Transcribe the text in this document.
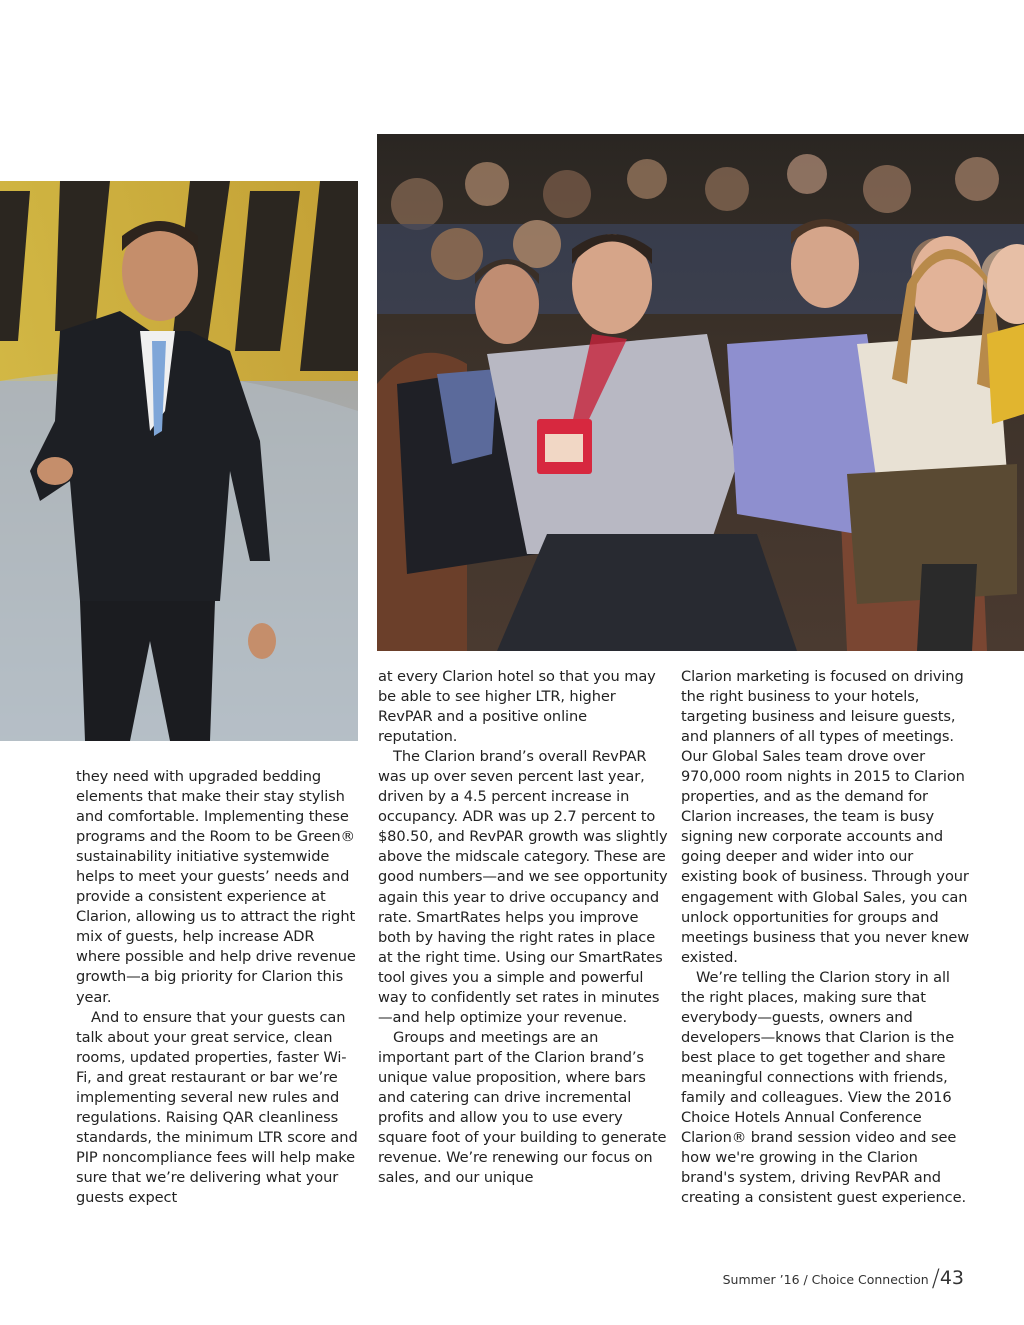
they need with upgraded bedding elements that make their stay stylish and comfortable. Implementing these programs and the Room to be Green® sustainability initiative systemwide helps to meet your guests’ needs and provide a consistent experience at Clarion, allowing us to attract the right mix of guests, help increase ADR where possible and help drive revenue growth—a big priority for Clarion this year.

And to ensure that your guests can talk about your great service, clean rooms, updated properties, faster Wi-Fi, and great restaurant or bar we’re implementing several new rules and regulations. Raising QAR cleanliness standards, the minimum LTR score and PIP noncompliance fees will help make sure that we’re delivering what your guests expect

at every Clarion hotel so that you may be able to see higher LTR, higher RevPAR and a positive online reputation.

The Clarion brand’s overall RevPAR was up over seven percent last year, driven by a 4.5 percent increase in occupancy. ADR was up 2.7 percent to $80.50, and RevPAR growth was slightly above the midscale category. These are good numbers—and we see opportunity again this year to drive occupancy and rate. SmartRates helps you improve both by having the right rates in place at the right time. Using our SmartRates tool gives you a simple and powerful way to confidently set rates in minutes—and help optimize your revenue.

Groups and meetings are an important part of the Clarion brand’s unique value proposition, where bars and catering can drive incremental profits and allow you to use every square foot of your building to generate revenue. We’re renewing our focus on sales, and our unique

Clarion marketing is focused on driving the right business to your hotels, targeting business and leisure guests, and planners of all types of meetings. Our Global Sales team drove over 970,000 room nights in 2015 to Clarion properties, and as the demand for Clarion increases, the team is busy signing new corporate accounts and going deeper and wider into our existing book of business. Through your engagement with Global Sales, you can unlock opportunities for groups and meetings business that you never knew existed.

We’re telling the Clarion story in all the right places, making sure that everybody—guests, owners and developers—knows that Clarion is the best place to get together and share meaningful connections with friends, family and colleagues. View the 2016 Choice Hotels Annual Conference Clarion® brand session video and see how we're growing in the Clarion brand's system, driving RevPAR and creating a consistent guest experience.

Summer ’16 / Choice Connection / 43
